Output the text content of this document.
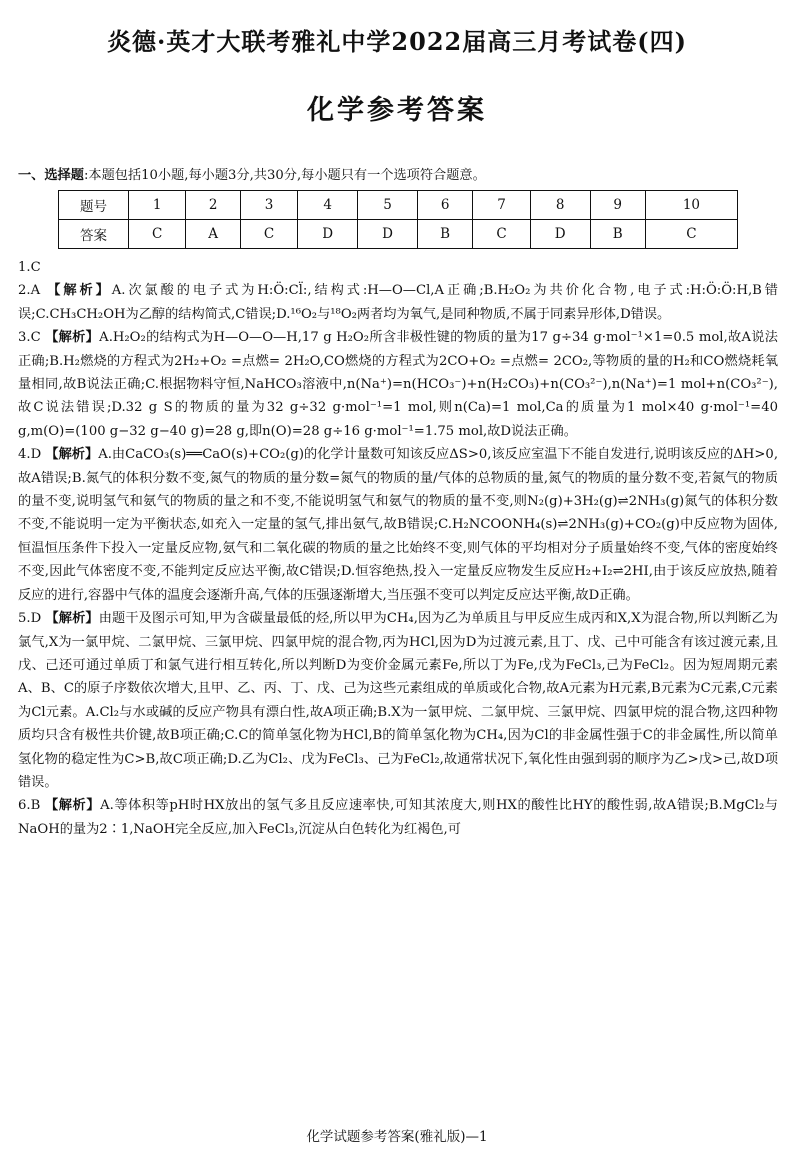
炎德·英才大联考雅礼中学2022届高三月考试卷(四)
化学参考答案
一、选择题:本题包括10小题,每小题3分,共30分,每小题只有一个选项符合题意。
题号	1	2	3	4	5	6	7	8	9	10
答案	C	A	C	D	D	B	C	D	B	C

1.C

2.A 【解析】A.次氯酸的电子式为H:Ö:Cl̈:,结构式:H—O—Cl,A正确;B.H₂O₂为共价化合物,电子式:H:Ö:Ö:H,B错误;C.CH₃CH₂OH为乙醇的结构简式,C错误;D.¹⁶O₂与¹⁸O₂两者均为氧气,是同种物质,不属于同素异形体,D错误。

3.C 【解析】A.H₂O₂的结构式为H—O—O—H,17 g H₂O₂所含非极性键的物质的量为17 g÷34 g·mol⁻¹×1=0.5 mol,故A说法正确;B.H₂燃烧的方程式为2H₂+O₂ =点燃= 2H₂O,CO燃烧的方程式为2CO+O₂ =点燃= 2CO₂,等物质的量的H₂和CO燃烧耗氧量相同,故B说法正确;C.根据物料守恒,NaHCO₃溶液中,n(Na⁺)=n(HCO₃⁻)+n(H₂CO₃)+n(CO₃²⁻),n(Na⁺)=1 mol+n(CO₃²⁻),故C说法错误;D.32 g S的物质的量为32 g÷32 g·mol⁻¹=1 mol,则n(Ca)=1 mol,Ca的质量为1 mol×40 g·mol⁻¹=40 g,m(O)=(100 g−32 g−40 g)=28 g,即n(O)=28 g÷16 g·mol⁻¹=1.75 mol,故D说法正确。

4.D 【解析】A.由CaCO₃(s)══CaO(s)+CO₂(g)的化学计量数可知该反应ΔS>0,该反应室温下不能自发进行,说明该反应的ΔH>0,故A错误;B.氮气的体积分数不变,氮气的物质的量分数=氮气的物质的量/气体的总物质的量,氮气的物质的量分数不变,若氮气的物质的量不变,说明氢气和氨气的物质的量之和不变,不能说明氢气和氨气的物质的量不变,则N₂(g)+3H₂(g)⇌2NH₃(g)氮气的体积分数不变,不能说明一定为平衡状态,如充入一定量的氢气,排出氨气,故B错误;C.H₂NCOONH₄(s)⇌2NH₃(g)+CO₂(g)中反应物为固体,恒温恒压条件下投入一定量反应物,氨气和二氧化碳的物质的量之比始终不变,则气体的平均相对分子质量始终不变,气体的密度始终不变,因此气体密度不变,不能判定反应达平衡,故C错误;D.恒容绝热,投入一定量反应物发生反应H₂+I₂⇌2HI,由于该反应放热,随着反应的进行,容器中气体的温度会逐渐升高,气体的压强逐渐增大,当压强不变可以判定反应达平衡,故D正确。

5.D 【解析】由题干及图示可知,甲为含碳量最低的烃,所以甲为CH₄,因为乙为单质且与甲反应生成丙和X,X为混合物,所以判断乙为氯气,X为一氯甲烷、二氯甲烷、三氯甲烷、四氯甲烷的混合物,丙为HCl,因为D为过渡元素,且丁、戊、己中可能含有该过渡元素,且戊、己还可通过单质丁和氯气进行相互转化,所以判断D为变价金属元素Fe,所以丁为Fe,戊为FeCl₃,己为FeCl₂。因为短周期元素A、B、C的原子序数依次增大,且甲、乙、丙、丁、戊、己为这些元素组成的单质或化合物,故A元素为H元素,B元素为C元素,C元素为Cl元素。A.Cl₂与水或碱的反应产物具有漂白性,故A项正确;B.X为一氯甲烷、二氯甲烷、三氯甲烷、四氯甲烷的混合物,这四种物质均只含有极性共价键,故B项正确;C.C的简单氢化物为HCl,B的简单氢化物为CH₄,因为Cl的非金属性强于C的非金属性,所以简单氢化物的稳定性为C>B,故C项正确;D.乙为Cl₂、戊为FeCl₃、己为FeCl₂,故通常状况下,氧化性由强到弱的顺序为乙>戊>己,故D项错误。

6.B 【解析】A.等体积等pH时HX放出的氢气多且反应速率快,可知其浓度大,则HX的酸性比HY的酸性弱,故A错误;B.MgCl₂与NaOH的量为2∶1,NaOH完全反应,加入FeCl₃,沉淀从白色转化为红褐色,可

化学试题参考答案(雅礼版)—1
